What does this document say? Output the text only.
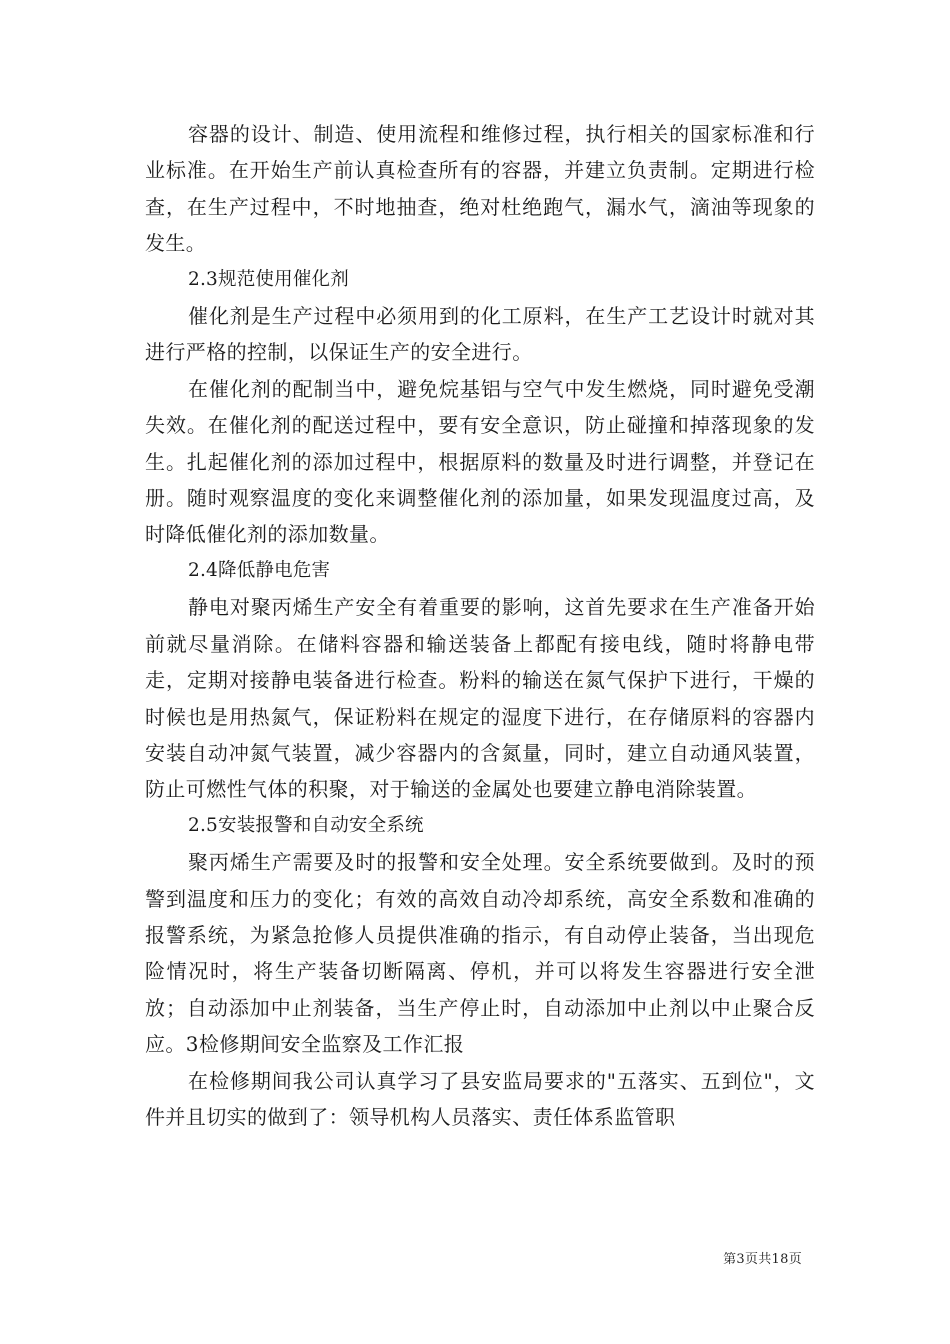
容器的设计、制造、使用流程和维修过程，执行相关的国家标准和行业标准。在开始生产前认真检查所有的容器，并建立负责制。定期进行检查，在生产过程中，不时地抽查，绝对杜绝跑气，漏水气，滴油等现象的发生。

2.3规范使用催化剂

催化剂是生产过程中必须用到的化工原料，在生产工艺设计时就对其进行严格的控制，以保证生产的安全进行。

在催化剂的配制当中，避免烷基铝与空气中发生燃烧，同时避免受潮失效。在催化剂的配送过程中，要有安全意识，防止碰撞和掉落现象的发生。扎起催化剂的添加过程中，根据原料的数量及时进行调整，并登记在册。随时观察温度的变化来调整催化剂的添加量，如果发现温度过高，及时降低催化剂的添加数量。

2.4降低静电危害

静电对聚丙烯生产安全有着重要的影响，这首先要求在生产准备开始前就尽量消除。在储料容器和输送装备上都配有接电线，随时将静电带走，定期对接静电装备进行检查。粉料的输送在氮气保护下进行，干燥的时候也是用热氮气，保证粉料在规定的湿度下进行，在存储原料的容器内安装自动冲氮气装置，减少容器内的含氮量，同时，建立自动通风装置，防止可燃性气体的积聚，对于输送的金属处也要建立静电消除装置。

2.5安装报警和自动安全系统

聚丙烯生产需要及时的报警和安全处理。安全系统要做到。及时的预警到温度和压力的变化；有效的高效自动冷却系统，高安全系数和准确的报警系统，为紧急抢修人员提供准确的指示，有自动停止装备，当出现危险情况时，将生产装备切断隔离、停机，并可以将发生容器进行安全泄放；自动添加中止剂装备，当生产停止时，自动添加中止剂以中止聚合反应。3检修期间安全监察及工作汇报

在检修期间我公司认真学习了县安监局要求的"五落实、五到位"，文件并且切实的做到了：领导机构人员落实、责任体系监管职

第3页共18页
